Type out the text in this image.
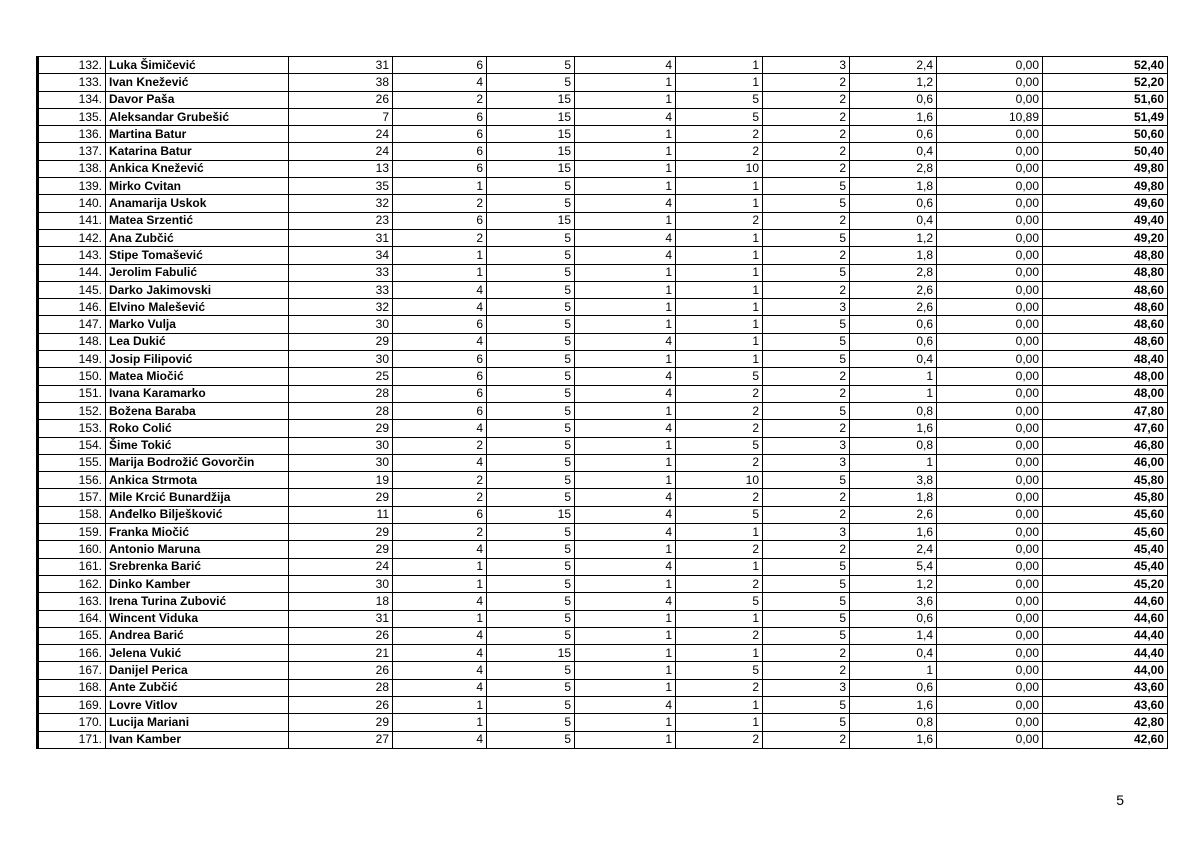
132.	Luka Šimičević	31	6	5	4	1	3	2,4	0,00	52,40
133.	Ivan Knežević	38	4	5	1	1	2	1,2	0,00	52,20
134.	Davor Paša	26	2	15	1	5	2	0,6	0,00	51,60
135.	Aleksandar Grubešić	7	6	15	4	5	2	1,6	10,89	51,49
136.	Martina Batur	24	6	15	1	2	2	0,6	0,00	50,60
137.	Katarina Batur	24	6	15	1	2	2	0,4	0,00	50,40
138.	Ankica Knežević	13	6	15	1	10	2	2,8	0,00	49,80
139.	Mirko Cvitan	35	1	5	1	1	5	1,8	0,00	49,80
140.	Anamarija Uskok	32	2	5	4	1	5	0,6	0,00	49,60
141.	Matea Srzentić	23	6	15	1	2	2	0,4	0,00	49,40
142.	Ana Zubčić	31	2	5	4	1	5	1,2	0,00	49,20
143.	Stipe Tomašević	34	1	5	4	1	2	1,8	0,00	48,80
144.	Jerolim Fabulić	33	1	5	1	1	5	2,8	0,00	48,80
145.	Darko Jakimovski	33	4	5	1	1	2	2,6	0,00	48,60
146.	Elvino Malešević	32	4	5	1	1	3	2,6	0,00	48,60
147.	Marko Vulja	30	6	5	1	1	5	0,6	0,00	48,60
148.	Lea Dukić	29	4	5	4	1	5	0,6	0,00	48,60
149.	Josip Filipović	30	6	5	1	1	5	0,4	0,00	48,40
150.	Matea Miočić	25	6	5	4	5	2	1	0,00	48,00
151.	Ivana Karamarko	28	6	5	4	2	2	1	0,00	48,00
152.	Božena Baraba	28	6	5	1	2	5	0,8	0,00	47,80
153.	Roko Colić	29	4	5	4	2	2	1,6	0,00	47,60
154.	Šime Tokić	30	2	5	1	5	3	0,8	0,00	46,80
155.	Marija Bodrožić Govorčin	30	4	5	1	2	3	1	0,00	46,00
156.	Ankica Strmota	19	2	5	1	10	5	3,8	0,00	45,80
157.	Mile Krcić Bunardžija	29	2	5	4	2	2	1,8	0,00	45,80
158.	Anđelko Bilješković	11	6	15	4	5	2	2,6	0,00	45,60
159.	Franka Miočić	29	2	5	4	1	3	1,6	0,00	45,60
160.	Antonio Maruna	29	4	5	1	2	2	2,4	0,00	45,40
161.	Srebrenka Barić	24	1	5	4	1	5	5,4	0,00	45,40
162.	Dinko Kamber	30	1	5	1	2	5	1,2	0,00	45,20
163.	Irena Turina Zubović	18	4	5	4	5	5	3,6	0,00	44,60
164.	Wincent Viduka	31	1	5	1	1	5	0,6	0,00	44,60
165.	Andrea Barić	26	4	5	1	2	5	1,4	0,00	44,40
166.	Jelena Vukić	21	4	15	1	1	2	0,4	0,00	44,40
167.	Danijel Perica	26	4	5	1	5	2	1	0,00	44,00
168.	Ante Zubčić	28	4	5	1	2	3	0,6	0,00	43,60
169.	Lovre Vitlov	26	1	5	4	1	5	1,6	0,00	43,60
170.	Lucija Mariani	29	1	5	1	1	5	0,8	0,00	42,80
171.	Ivan Kamber	27	4	5	1	2	2	1,6	0,00	42,60
5
